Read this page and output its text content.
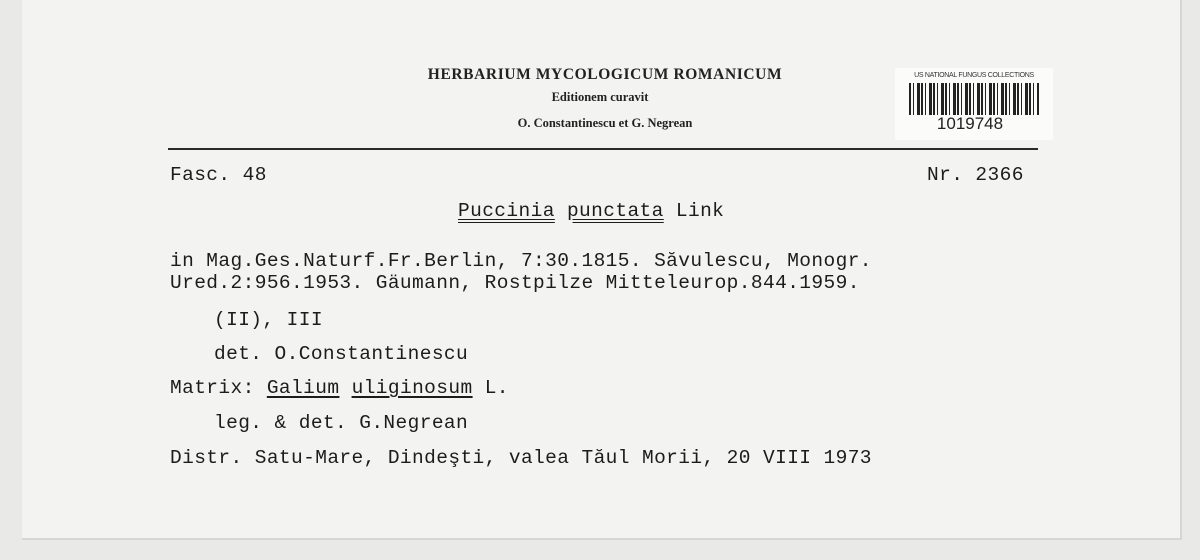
HERBARIUM MYCOLOGICUM ROMANICUM
Editionem curavit
O. Constantinescu et G. Negrean
US NATIONAL FUNGUS COLLECTIONS
1019748
Fasc. 48	Nr. 2366
Puccinia punctata Link
in Mag.Ges.Naturf.Fr.Berlin, 7:30.1815. Săvulescu, Monogr.
Ured.2:956.1953. Gäumann, Rostpilze Mitteleurop.844.1959.
(II), III
det. O.Constantinescu
Matrix: Galium uliginosum L.
leg. & det. G.Negrean
Distr. Satu-Mare, Dindeşti, valea Tăul Morii, 20 VIII 1973
